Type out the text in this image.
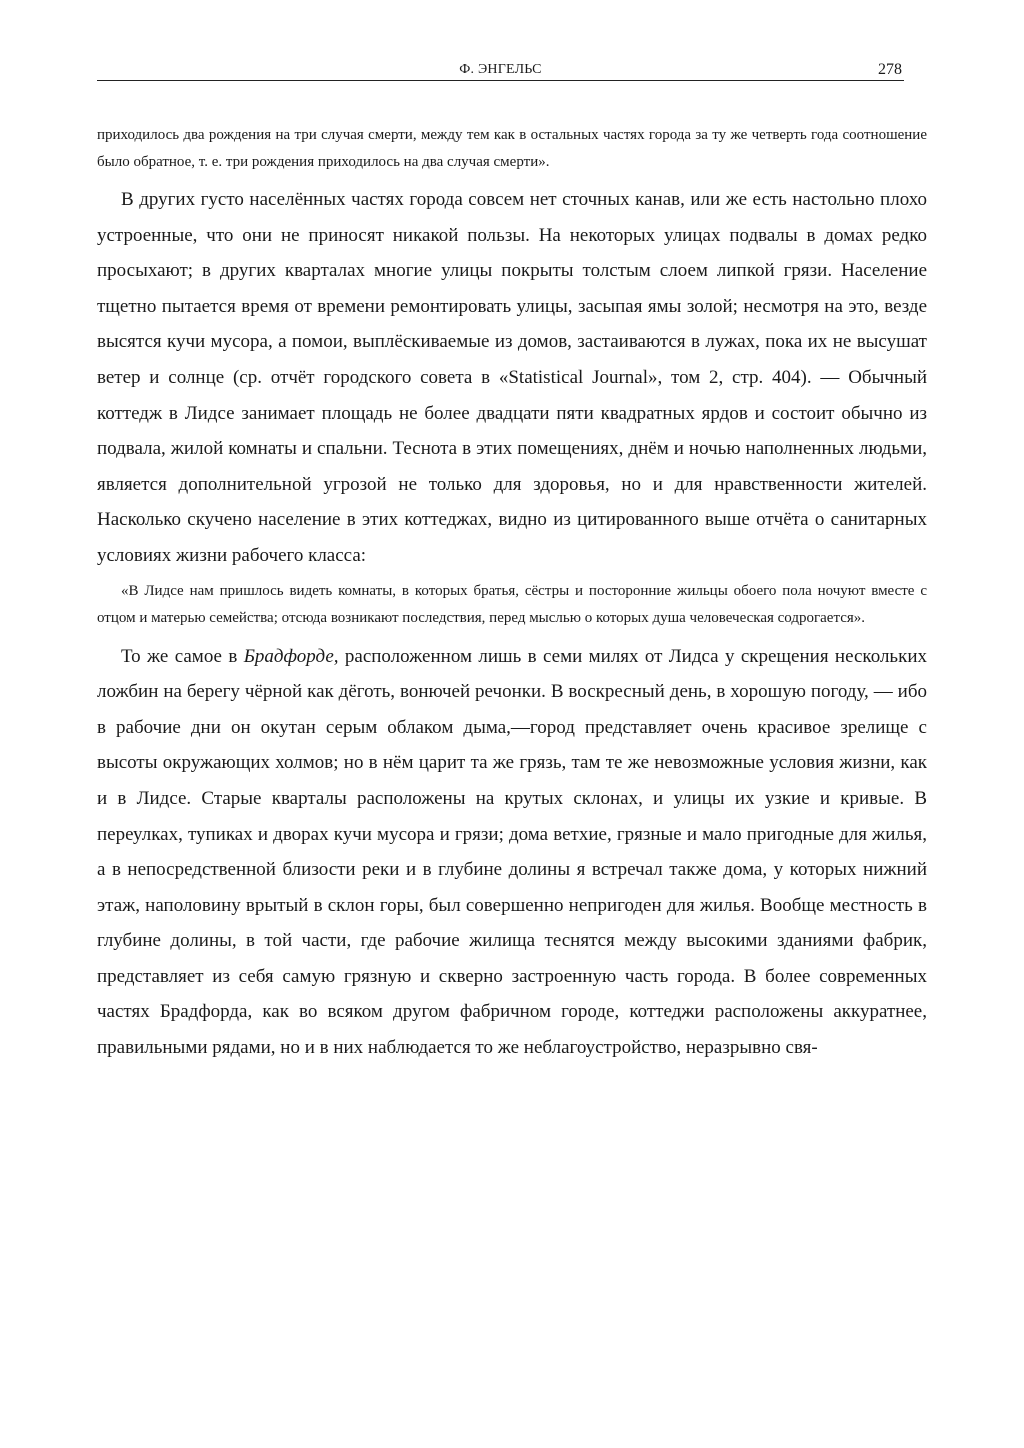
Ф. ЭНГЕЛЬС	278

приходилось два рождения на три случая смерти, между тем как в остальных частях города за ту же четверть года соотношение было обратное, т. е. три рождения приходилось на два случая смерти».

В других густо населённых частях города совсем нет сточных канав, или же есть настольно плохо устроенные, что они не приносят никакой пользы. На некоторых улицах подвалы в домах редко просыхают; в других кварталах многие улицы покрыты толстым слоем липкой грязи. Население тщетно пытается время от времени ремонтировать улицы, засыпая ямы золой; несмотря на это, везде высятся кучи мусора, а помои, выплёскиваемые из домов, застаиваются в лужах, пока их не высушат ветер и солнце (ср. отчёт городского совета в «Statistical Journal», том 2, стр. 404). — Обычный коттедж в Лидсе занимает площадь не более двадцати пяти квадратных ярдов и состоит обычно из подвала, жилой комнаты и спальни. Теснота в этих помещениях, днём и ночью наполненных людьми, является дополнительной угрозой не только для здоровья, но и для нравственности жителей. Насколько скучено население в этих коттеджах, видно из цитированного выше отчёта о санитарных условиях жизни рабочего класса:

«В Лидсе нам пришлось видеть комнаты, в которых братья, сёстры и посторонние жильцы обоего пола ночуют вместе с отцом и матерью семейства; отсюда возникают последствия, перед мыслью о которых душа человеческая содрогается».

То же самое в Брадфорде, расположенном лишь в семи милях от Лидса у скрещения нескольких ложбин на берегу чёрной как дёготь, вонючей речонки. В воскресный день, в хорошую погоду, — ибо в рабочие дни он окутан серым облаком дыма,—город представляет очень красивое зрелище с высоты окружающих холмов; но в нём царит та же грязь, там те же невозможные условия жизни, как и в Лидсе. Старые кварталы расположены на крутых склонах, и улицы их узкие и кривые. В переулках, тупиках и дворах кучи мусора и грязи; дома ветхие, грязные и мало пригодные для жилья, а в непосредственной близости реки и в глубине долины я встречал также дома, у которых нижний этаж, наполовину врытый в склон горы, был совершенно непригоден для жилья. Вообще местность в глубине долины, в той части, где рабочие жилища теснятся между высокими зданиями фабрик, представляет из себя самую грязную и скверно застроенную часть города. В более современных частях Брадфорда, как во всяком другом фабричном городе, коттеджи расположены аккуратнее, правильными рядами, но и в них наблюдается то же неблагоустройство, неразрывно свя-
